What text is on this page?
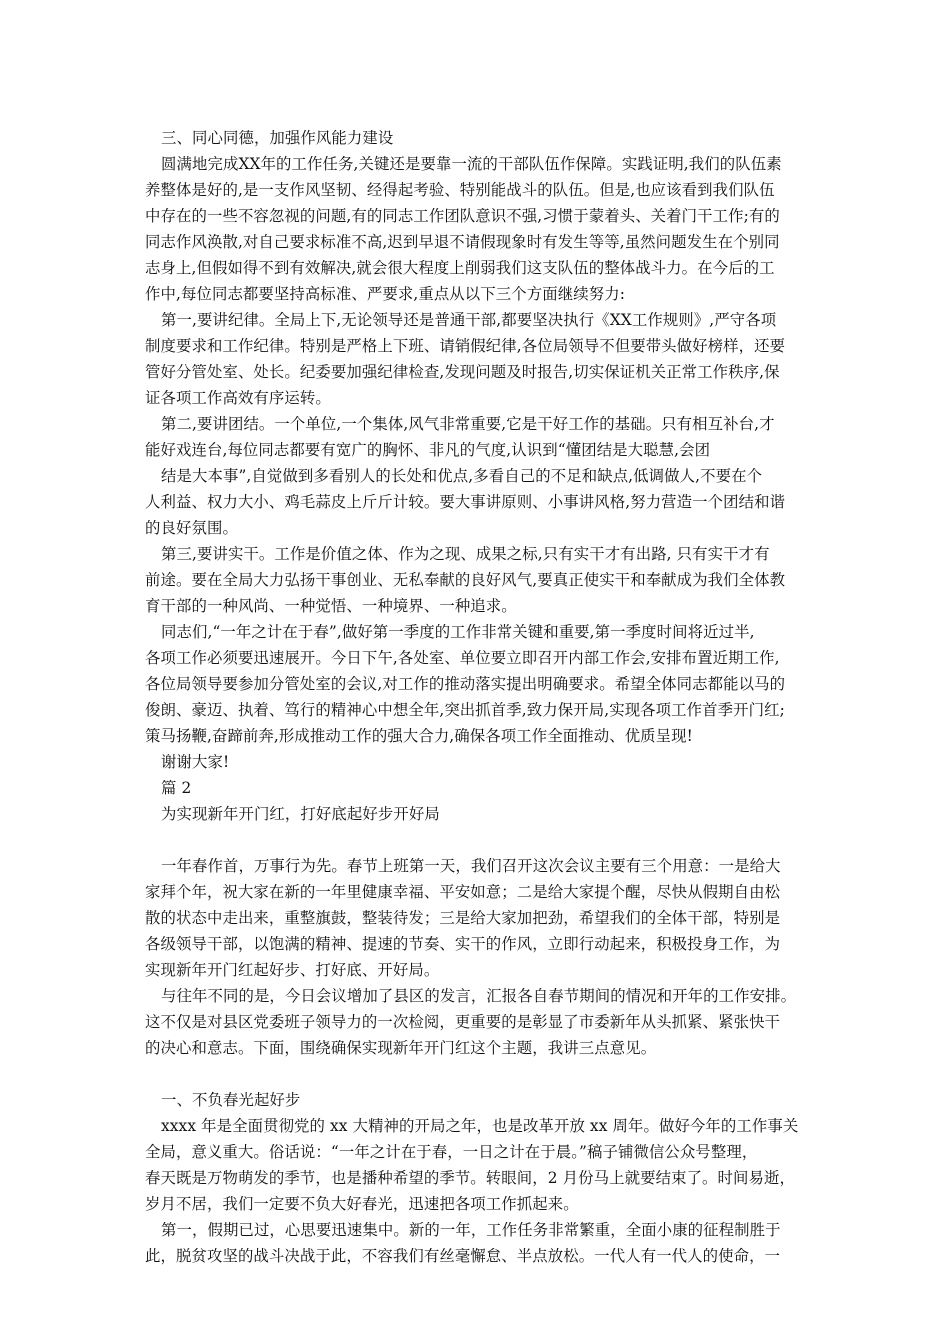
三、同心同德，加强作风能力建设
圆满地完成XX年的工作任务,关键还是要靠一流的干部队伍作保障。实践证明,我们的队伍素
养整体是好的,是一支作风坚韧、经得起考验、特别能战斗的队伍。但是,也应该看到我们队伍
中存在的一些不容忽视的问题,有的同志工作团队意识不强,习惯于蒙着头、关着门干工作;有的
同志作风涣散,对自己要求标准不高,迟到早退不请假现象时有发生等等,虽然问题发生在个别同
志身上,但假如得不到有效解决,就会很大程度上削弱我们这支队伍的整体战斗力。在今后的工
作中,每位同志都要坚持高标准、严要求,重点从以下三个方面继续努力:
第一,要讲纪律。全局上下,无论领导还是普通干部,都要坚决执行《XX工作规则》,严守各项
制度要求和工作纪律。特别是严格上下班、请销假纪律,各位局领导不但要带头做好榜样，还要
管好分管处室、处长。纪委要加强纪律检查,发现问题及时报告,切实保证机关正常工作秩序,保
证各项工作高效有序运转。
第二,要讲团结。一个单位,一个集体,风气非常重要,它是干好工作的基础。只有相互补台,才
能好戏连台,每位同志都要有宽广的胸怀、非凡的气度,认识到“懂团结是大聪慧,会团
结是大本事”,自觉做到多看别人的长处和优点,多看自己的不足和缺点,低调做人,不要在个
人利益、权力大小、鸡毛蒜皮上斤斤计较。要大事讲原则、小事讲风格,努力营造一个团结和谐
的良好氛围。
第三,要讲实干。工作是价值之体、作为之现、成果之标,只有实干才有出路, 只有实干才有
前途。要在全局大力弘扬干事创业、无私奉献的良好风气,要真正使实干和奉献成为我们全体教
育干部的一种风尚、一种觉悟、一种境界、一种追求。
同志们,“一年之计在于春”,做好第一季度的工作非常关键和重要,第一季度时间将近过半,
各项工作必须要迅速展开。今日下午,各处室、单位要立即召开内部工作会,安排布置近期工作,
各位局领导要参加分管处室的会议,对工作的推动落实提出明确要求。希望全体同志都能以马的
俊朗、豪迈、执着、笃行的精神心中想全年,突出抓首季,致力保开局,实现各项工作首季开门红;
策马扬鞭,奋蹄前奔,形成推动工作的强大合力,确保各项工作全面推动、优质呈现!
谢谢大家!
篇 2
为实现新年开门红，打好底起好步开好局
一年春作首，万事行为先。春节上班第一天，我们召开这次会议主要有三个用意：一是给大
家拜个年，祝大家在新的一年里健康幸福、平安如意；二是给大家提个醒，尽快从假期自由松
散的状态中走出来，重整旗鼓，整装待发；三是给大家加把劲，希望我们的全体干部，特别是
各级领导干部，以饱满的精神、提速的节奏、实干的作风，立即行动起来，积极投身工作，为
实现新年开门红起好步、打好底、开好局。
与往年不同的是，今日会议增加了县区的发言，汇报各自春节期间的情况和开年的工作安排。
这不仅是对县区党委班子领导力的一次检阅，更重要的是彰显了市委新年从头抓紧、紧张快干
的决心和意志。下面，围绕确保实现新年开门红这个主题，我讲三点意见。
一、不负春光起好步
xxxx 年是全面贯彻党的 xx 大精神的开局之年，也是改革开放 xx 周年。做好今年的工作事关
全局，意义重大。俗话说：“一年之计在于春，一日之计在于晨。”稿子铺微信公众号整理，
春天既是万物萌发的季节，也是播种希望的季节。转眼间，2 月份马上就要结束了。时间易逝，
岁月不居，我们一定要不负大好春光，迅速把各项工作抓起来。
第一，假期已过，心思要迅速集中。新的一年，工作任务非常繁重，全面小康的征程制胜于
此，脱贫攻坚的战斗决战于此，不容我们有丝毫懈怠、半点放松。一代人有一代人的使命，一
